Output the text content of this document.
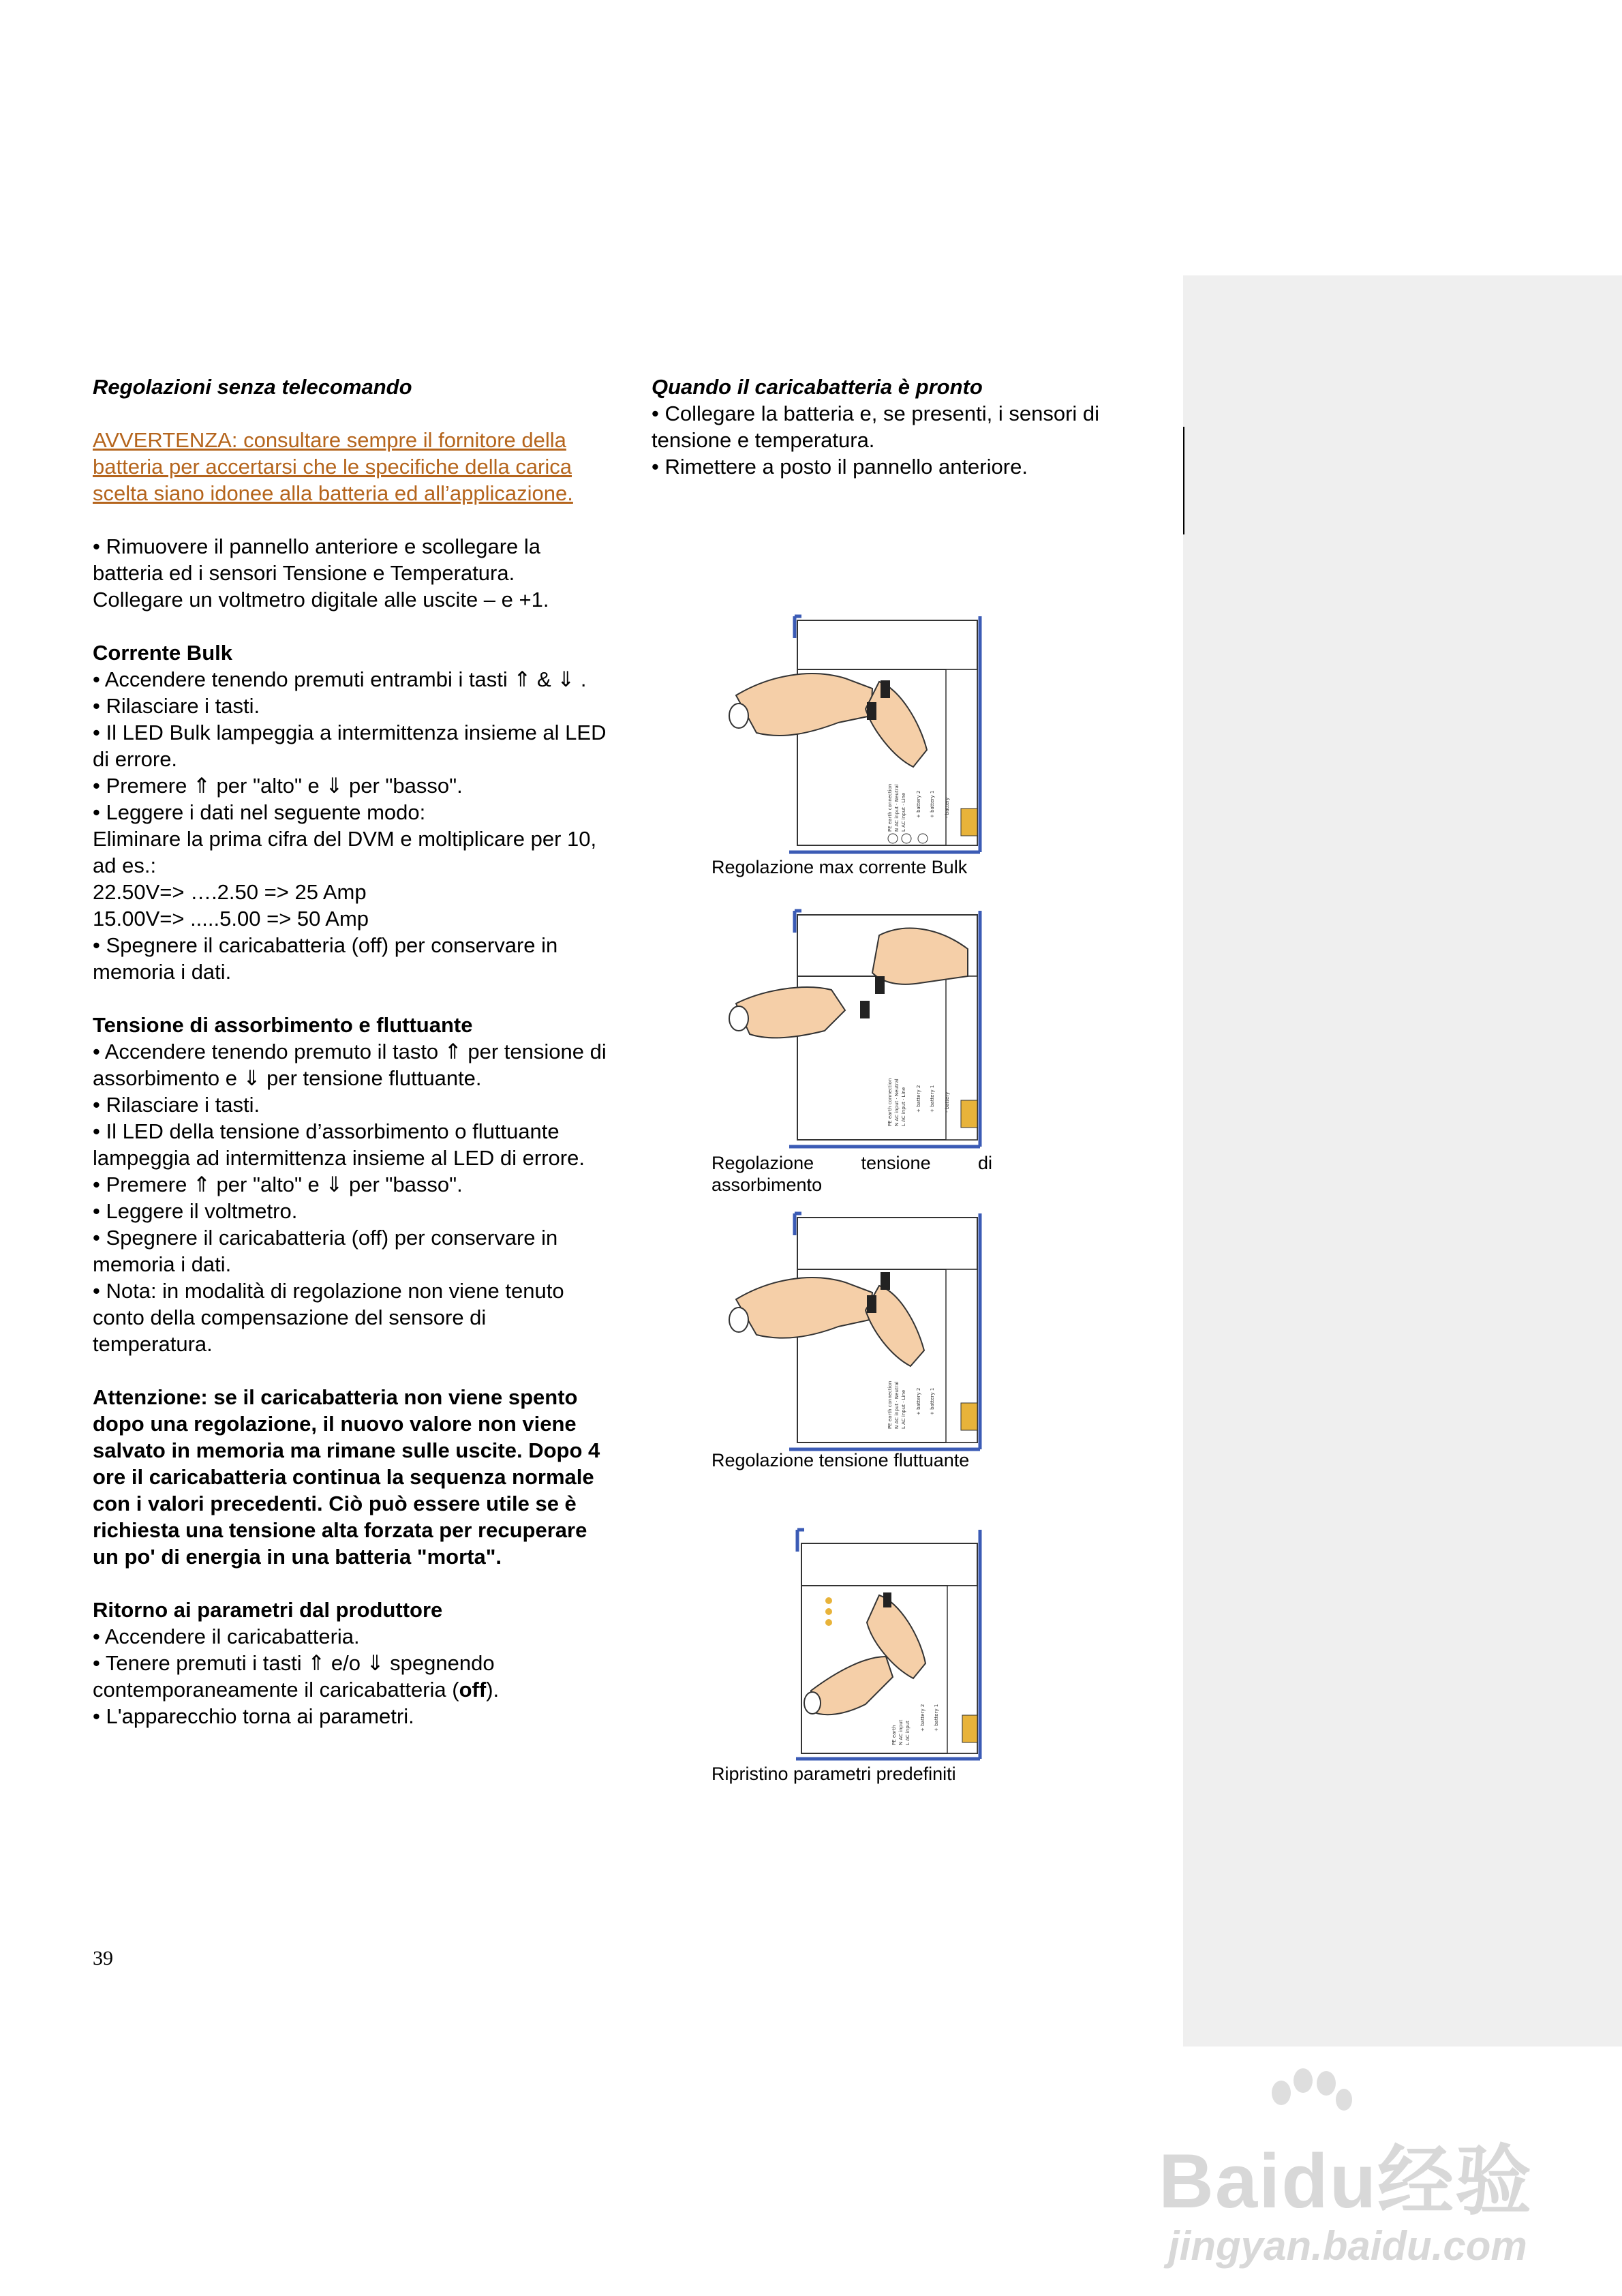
Regolazioni senza telecomando

AVVERTENZA: consultare sempre il fornitore della batteria per accertarsi che le specifiche della carica scelta siano idonee alla batteria ed all’applicazione.

• Rimuovere il pannello anteriore e scollegare la batteria ed i sensori Tensione e Temperatura. Collegare un voltmetro digitale alle uscite – e +1.

Corrente Bulk

• Accendere tenendo premuti entrambi i tasti ⇑ & ⇓ .

• Rilasciare i tasti.

• Il LED Bulk lampeggia a intermittenza insieme al LED di errore.

• Premere ⇑ per "alto" e ⇓ per "basso".

• Leggere i dati nel seguente modo:

Eliminare la prima cifra del DVM e moltiplicare per 10, ad es.:

22.50V=> ….2.50 => 25 Amp

15.00V=> .....5.00 => 50 Amp

• Spegnere il caricabatteria (off) per conservare in memoria i dati.

Tensione di assorbimento e fluttuante

• Accendere tenendo premuto il tasto ⇑ per tensione di assorbimento e ⇓ per tensione fluttuante.

• Rilasciare i tasti.

• Il LED della tensione d’assorbimento o fluttuante lampeggia ad intermittenza insieme al LED di errore.

• Premere ⇑ per "alto" e ⇓ per "basso".

• Leggere il voltmetro.

• Spegnere il caricabatteria (off) per conservare in memoria i dati.

• Nota: in modalità di regolazione non viene tenuto conto della compensazione del sensore di temperatura.

Attenzione: se il caricabatteria non viene spento dopo una regolazione, il nuovo valore non viene salvato in memoria ma rimane sulle uscite. Dopo 4 ore il caricabatteria continua la sequenza normale con i valori precedenti. Ciò può essere utile se è richiesta una tensione alta forzata per recuperare un po' di energia in una batteria "morta".

Ritorno ai parametri dal produttore

• Accendere il caricabatteria.

• Tenere premuti i tasti ⇑ e/o ⇓ spegnendo contemporaneamente il caricabatteria (off).

• L'apparecchio torna ai parametri.

Quando il caricabatteria è pronto

• Collegare la batteria e, se presenti, i sensori di tensione e temperatura.

• Rimettere a posto il pannello anteriore.

PE earth connection N AC input · Neutral L AC input · Line + battery 2 + battery 1 - battery
Regolazione max corrente Bulk
PE earth connection N AC input · Neutral L AC input · Line + battery 2 + battery 1 - battery
Regolazione	tensione	di
assorbimento
PE earth connection N AC input · Neutral L AC input · Line + battery 2 + battery 1
Regolazione tensione fluttuante
PE earth N AC input L AC input
+ battery 2 + battery 1
Ripristino parametri predefiniti
39
Baidu经验
jingyan.baidu.com
